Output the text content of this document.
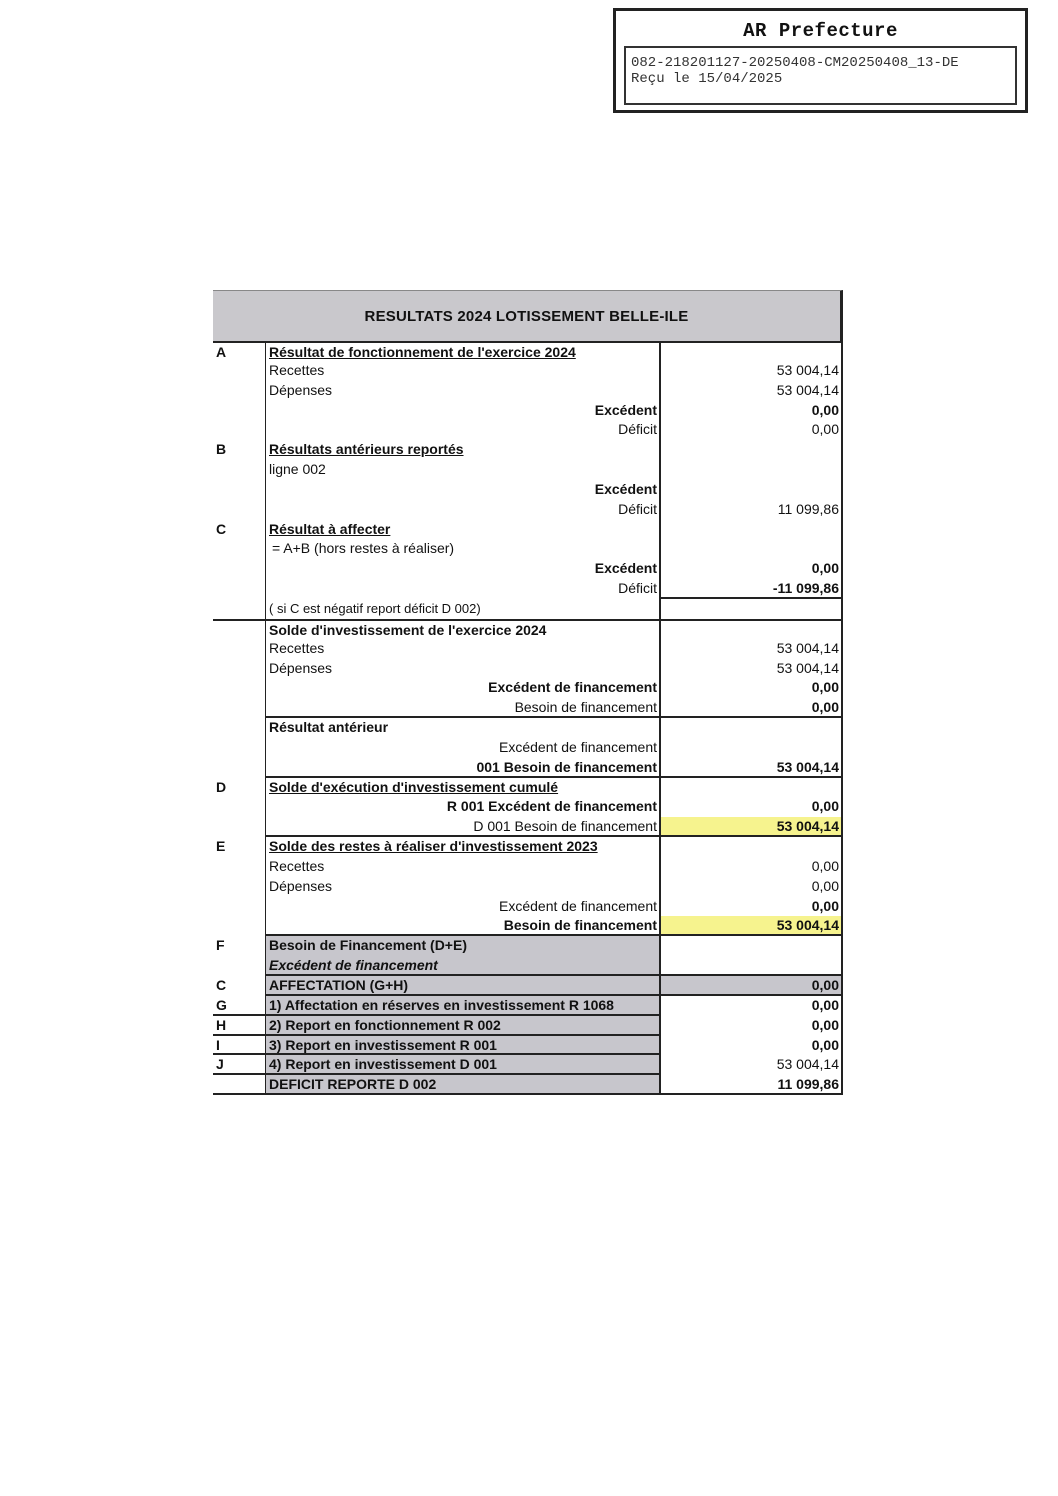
AR Prefecture
082-218201127-20250408-CM20250408_13-DE
Reçu le 15/04/2025
RESULTATS 2024 LOTISSEMENT BELLE-ILE
A	Résultat de fonctionnement de l'exercice 2024
Recettes	53 004,14
Dépenses	53 004,14
Excédent	0,00
Déficit	0,00
B	Résultats antérieurs reportés
ligne 002
Excédent
Déficit	11 099,86
C	Résultat à affecter
= A+B (hors restes à réaliser)
Excédent	0,00
Déficit	-11 099,86
( si C est négatif report déficit D 002)
Solde d'investissement de l'exercice 2024
Recettes	53 004,14
Dépenses	53 004,14
Excédent de financement	0,00
Besoin de financement	0,00
Résultat antérieur
Excédent de financement
001 Besoin de financement	53 004,14
D	Solde d'exécution d'investissement cumulé
R 001 Excédent de financement	0,00
D 001 Besoin de financement	53 004,14
E	Solde des restes à réaliser d'investissement 2023
Recettes	0,00
Dépenses	0,00
Excédent de financement	0,00
Besoin de financement	53 004,14
F	Besoin de Financement (D+E)
Excédent de financement
C	AFFECTATION (G+H)	0,00
G	1) Affectation en réserves en investissement R 1068	0,00
H	2) Report en fonctionnement R 002	0,00
I	3) Report en investissement R 001	0,00
J	4) Report en investissement D 001	53 004,14
DEFICIT REPORTE D 002	11 099,86
